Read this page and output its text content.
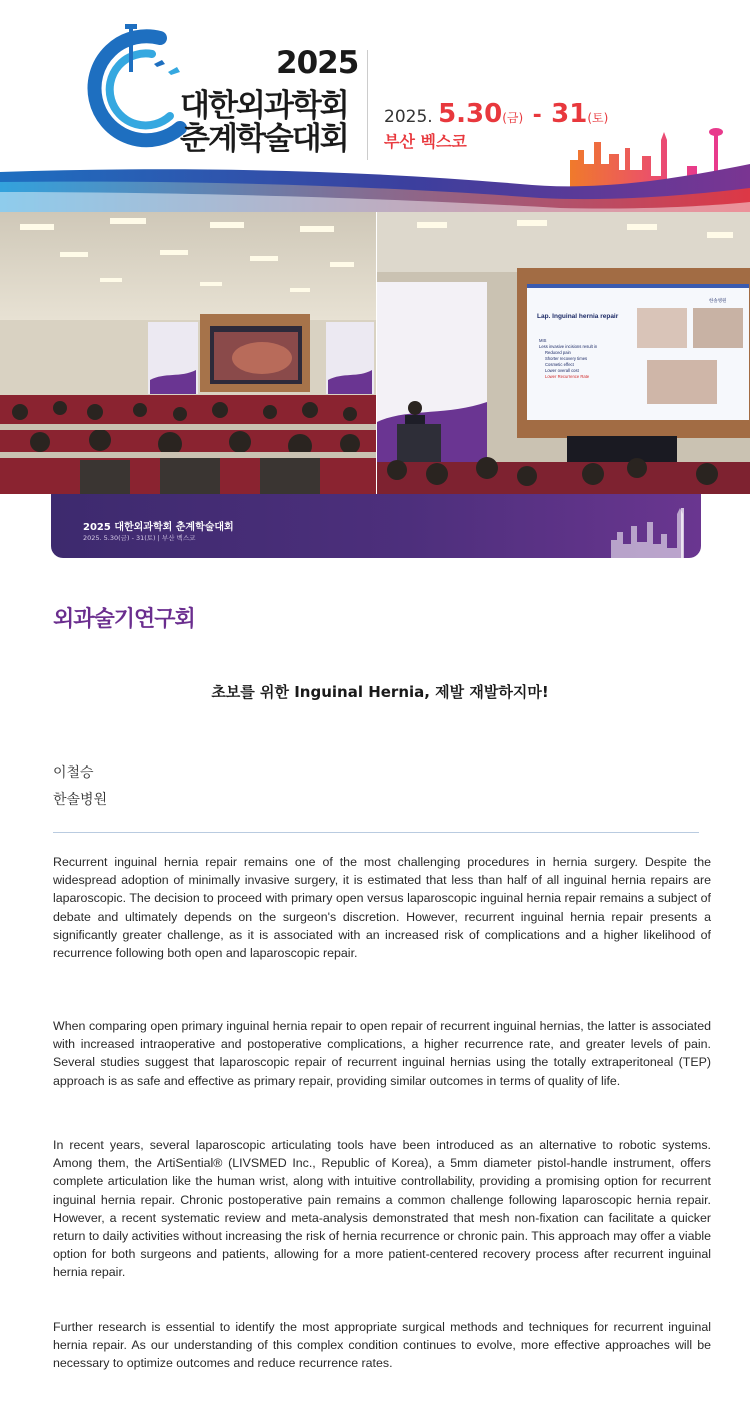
2025
대한외과학회
춘계학술대회
2025. 5.30(금) - 31(토)
부산 벡스코
Lap. Inguinal hernia repair
MIS
Less invasive incisions result in
Reduced pain
Shorter recovery times
Cosmetic effect
Lower overall cost
Lower Recurrence Rate
한솔병원
2025 대한외과학회 춘계학술대회
2025. 5.30(금) - 31(토) | 부산 벡스코
외과술기연구회
초보를 위한 Inguinal Hernia, 제발 재발하지마!
이철승
한솔병원

Recurrent inguinal hernia repair remains one of the most challenging procedures in hernia surgery. Despite the widespread adoption of minimally invasive surgery, it is estimated that less than half of all inguinal hernia repairs are laparoscopic. The decision to proceed with primary open versus laparoscopic inguinal hernia repair remains a subject of debate and ultimately depends on the surgeon's discretion. However, recurrent inguinal hernia repair presents a significantly greater challenge, as it is associated with an increased risk of complications and a higher likelihood of recurrence following both open and laparoscopic repair.

When comparing open primary inguinal hernia repair to open repair of recurrent inguinal hernias, the latter is associated with increased intraoperative and postoperative complications, a higher recurrence rate, and greater levels of pain. Several studies suggest that laparoscopic repair of recurrent inguinal hernias using the totally extraperitoneal (TEP) approach is as safe and effective as primary repair, providing similar outcomes in terms of quality of life.

In recent years, several laparoscopic articulating tools have been introduced as an alternative to robotic systems. Among them, the ArtiSential® (LIVSMED Inc., Republic of Korea), a 5mm diameter pistol-handle instrument, offers complete articulation like the human wrist, along with intuitive controllability, providing a promising option for recurrent inguinal hernia repair. Chronic postoperative pain remains a common challenge following laparoscopic hernia repair. However, a recent systematic review and meta-analysis demonstrated that mesh non-fixation can facilitate a quicker return to daily activities without increasing the risk of hernia recurrence or chronic pain. This approach may offer a viable option for both surgeons and patients, allowing for a more patient-centered recovery process after recurrent inguinal hernia repair.

Further research is essential to identify the most appropriate surgical methods and techniques for recurrent inguinal hernia repair. As our understanding of this complex condition continues to evolve, more effective approaches will be necessary to optimize outcomes and reduce recurrence rates.
